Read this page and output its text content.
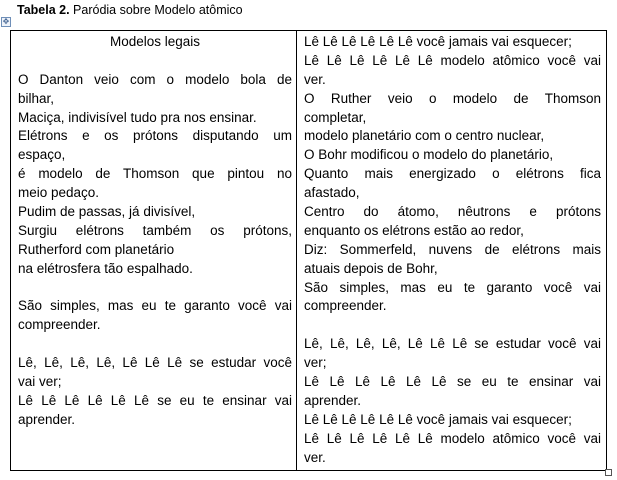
Tabela 2. Paródia sobre Modelo atômico
✥
Modelos legais
O Danton veio com o modelo bola de
bilhar,
Maciça, indivisível tudo pra nos ensinar.
Elétrons e os prótons disputando um
espaço,
é modelo de Thomson que pintou no
meio pedaço.
Pudim de passas, já divisível,
Surgiu elétrons também os prótons,
Rutherford com planetário
na elétrosfera tão espalhado.
São simples, mas eu te garanto você vai
compreender.
Lê, Lê, Lê, Lê, Lê Lê Lê se estudar você
vai ver;
Lê Lê Lê Lê Lê Lê se eu te ensinar vai
aprender.
Lê Lê Lê Lê Lê Lê você jamais vai esquecer;
Lê Lê Lê Lê Lê Lê modelo atômico você vai
ver.
O Ruther veio o modelo de Thomson
completar,
modelo planetário com o centro nuclear,
O Bohr modificou o modelo do planetário,
Quanto mais energizado o elétrons fica
afastado,
Centro do átomo, nêutrons e prótons
enquanto os elétrons estão ao redor,
Diz: Sommerfeld, nuvens de elétrons mais
atuais depois de Bohr,
São simples, mas eu te garanto você vai
compreender.
Lê, Lê, Lê, Lê, Lê Lê Lê se estudar você vai
ver;
Lê Lê Lê Lê Lê Lê se eu te ensinar vai
aprender.
Lê Lê Lê Lê Lê Lê você jamais vai esquecer;
Lê Lê Lê Lê Lê Lê modelo atômico você vai
ver.
